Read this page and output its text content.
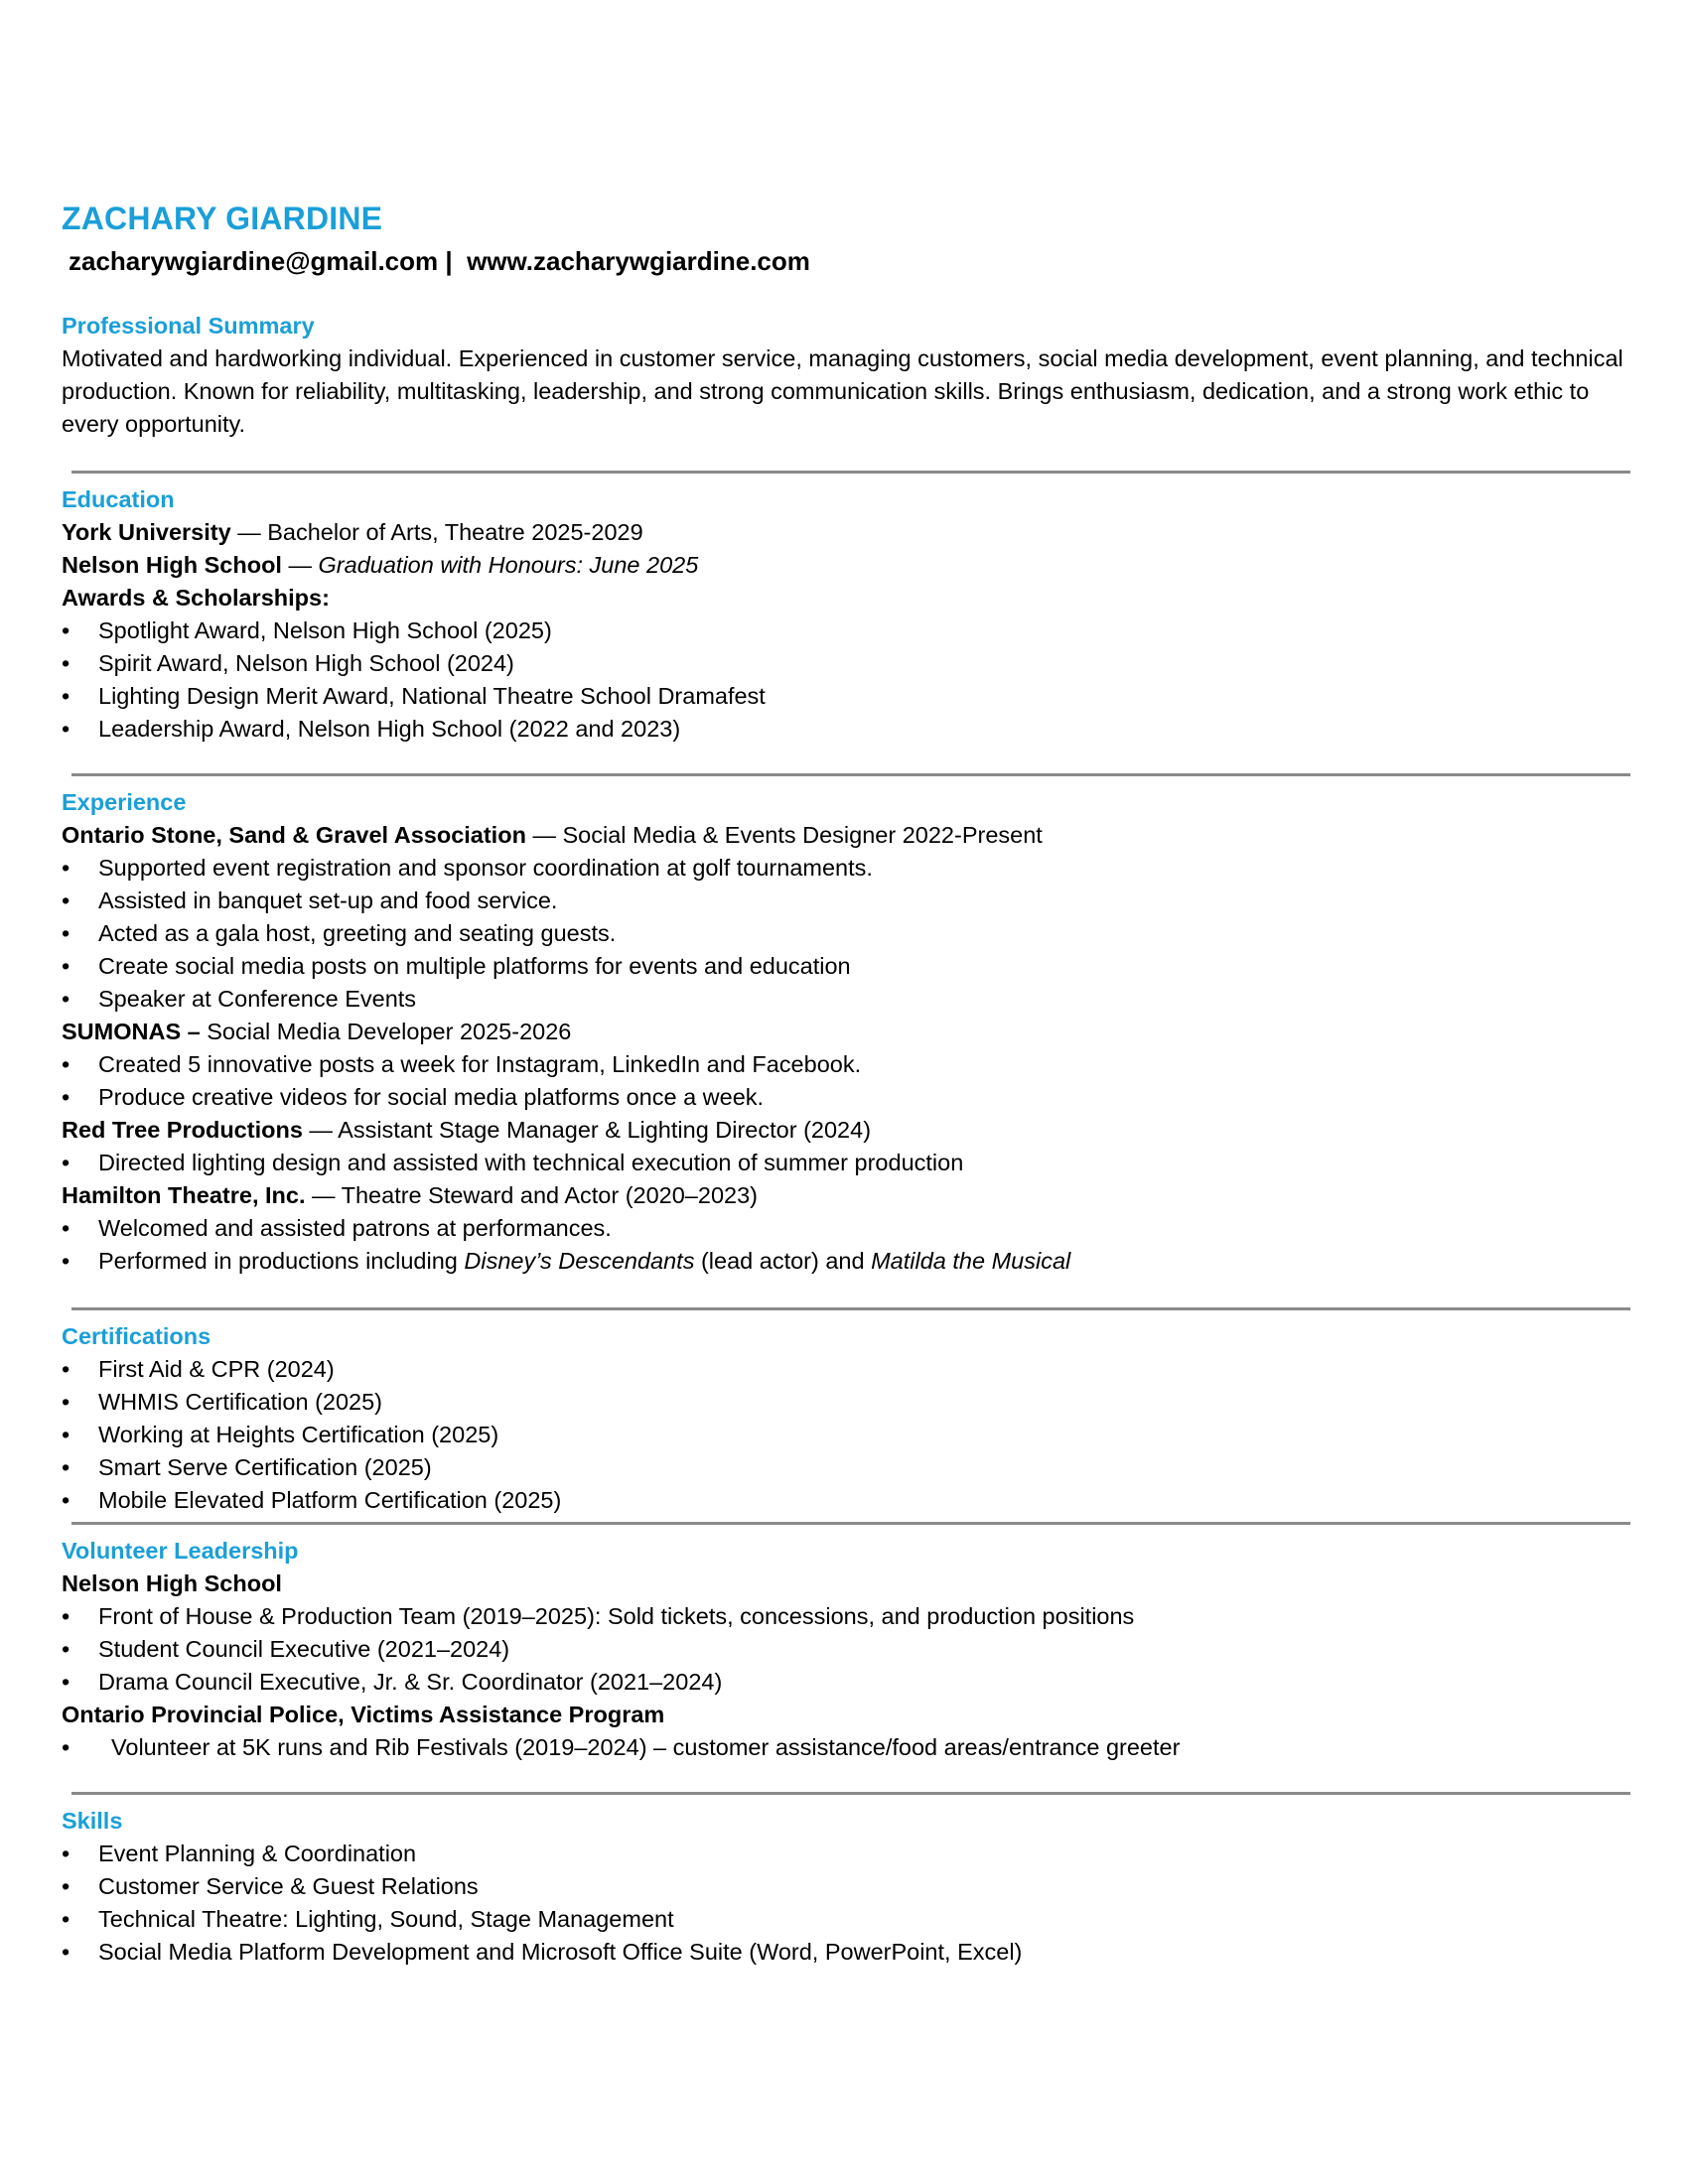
ZACHARY GIARDINE
zacharywgiardine@gmail.com |  www.zacharywgiardine.com
Professional Summary
Motivated and hardworking individual. Experienced in customer service, managing customers, social media development, event planning, and technical production. Known for reliability, multitasking, leadership, and strong communication skills. Brings enthusiasm, dedication, and a strong work ethic to every opportunity.
Education
York University — Bachelor of Arts, Theatre 2025-2029
Nelson High School — Graduation with Honours: June 2025
Awards & Scholarships:
•	Spotlight Award, Nelson High School (2025)
•	Spirit Award, Nelson High School (2024)
•	Lighting Design Merit Award, National Theatre School Dramafest
•	Leadership Award, Nelson High School (2022 and 2023)
Experience
Ontario Stone, Sand & Gravel Association — Social Media & Events Designer 2022-Present
•	Supported event registration and sponsor coordination at golf tournaments.
•	Assisted in banquet set-up and food service.
•	Acted as a gala host, greeting and seating guests.
•	Create social media posts on multiple platforms for events and education
•	Speaker at Conference Events
SUMONAS – Social Media Developer 2025-2026
•	Created 5 innovative posts a week for Instagram, LinkedIn and Facebook.
•	Produce creative videos for social media platforms once a week.
Red Tree Productions — Assistant Stage Manager & Lighting Director (2024)
•	Directed lighting design and assisted with technical execution of summer production
Hamilton Theatre, Inc. — Theatre Steward and Actor (2020–2023)
•	Welcomed and assisted patrons at performances.
•	Performed in productions including Disney’s Descendants (lead actor) and Matilda the Musical
Certifications
•	First Aid & CPR (2024)
•	WHMIS Certification (2025)
•	Working at Heights Certification (2025)
•	Smart Serve Certification (2025)
•	Mobile Elevated Platform Certification (2025)
Volunteer Leadership
Nelson High School
•	Front of House & Production Team (2019–2025): Sold tickets, concessions, and production positions
•	Student Council Executive (2021–2024)
•	Drama Council Executive, Jr. & Sr. Coordinator (2021–2024)
Ontario Provincial Police, Victims Assistance Program
•	Volunteer at 5K runs and Rib Festivals (2019–2024) – customer assistance/food areas/entrance greeter
Skills
•	Event Planning & Coordination
•	Customer Service & Guest Relations
•	Technical Theatre: Lighting, Sound, Stage Management
•	Social Media Platform Development and Microsoft Office Suite (Word, PowerPoint, Excel)
